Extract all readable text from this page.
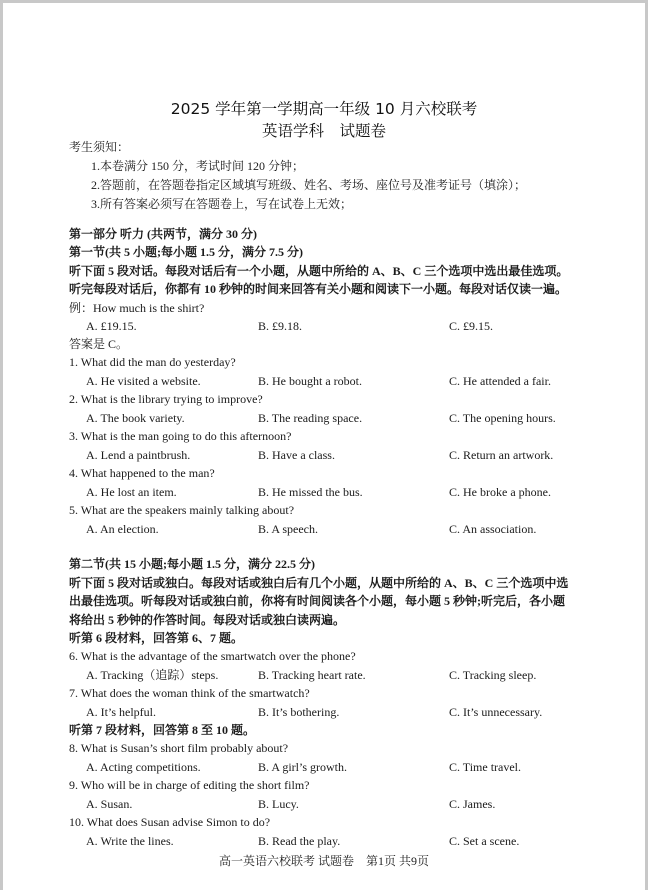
2025 学年第一学期高一年级 10 月六校联考
英语学科　试题卷
考生须知：
1.本卷满分 150 分，考试时间 120 分钟；
2.答题前，在答题卷指定区域填写班级、姓名、考场、座位号及准考证号（填涂）；
3.所有答案必须写在答题卷上，写在试卷上无效；
第一部分 听力 (共两节，满分 30 分)
第一节(共 5 小题;每小题 1.5 分，满分 7.5 分)
听下面 5 段对话。每段对话后有一个小题，从题中所给的 A、B、C 三个选项中选出最佳选项。
听完每段对话后，你都有 10 秒钟的时间来回答有关小题和阅读下一小题。每段对话仅读一遍。
例：How much is the shirt?
A. £19.15.	B. £9.18.	C. £9.15.
答案是 C。
1. What did the man do yesterday?
A. He visited a website.	B. He bought a robot.	C. He attended a fair.
2. What is the library trying to improve?
A. The book variety.	B. The reading space.	C. The opening hours.
3. What is the man going to do this afternoon?
A. Lend a paintbrush.	B. Have a class.	C. Return an artwork.
4. What happened to the man?
A. He lost an item.	B. He missed the bus.	C. He broke a phone.
5. What are the speakers mainly talking about?
A. An election.	B. A speech.	C. An association.
第二节(共 15 小题;每小题 1.5 分，满分 22.5 分)
听下面 5 段对话或独白。每段对话或独白后有几个小题，从题中所给的 A、B、C 三个选项中选
出最佳选项。听每段对话或独白前，你将有时间阅读各个小题，每小题 5 秒钟;听完后，各小题
将给出 5 秒钟的作答时间。每段对话或独白读两遍。
听第 6 段材料，回答第 6、7 题。
6. What is the advantage of the smartwatch over the phone?
A. Tracking（追踪）steps.	B. Tracking heart rate.	C. Tracking sleep.
7. What does the woman think of the smartwatch?
A. It’s helpful.	B. It’s bothering.	C. It’s unnecessary.
听第 7 段材料，回答第 8 至 10 题。
8. What is Susan’s short film probably about?
A. Acting competitions.	B. A girl’s growth.	C. Time travel.
9. Who will be in charge of editing the short film?
A. Susan.	B. Lucy.	C. James.
10. What does Susan advise Simon to do?
A. Write the lines.	B. Read the play.	C. Set a scene.
高一英语六校联考 试题卷　第1页 共9页
